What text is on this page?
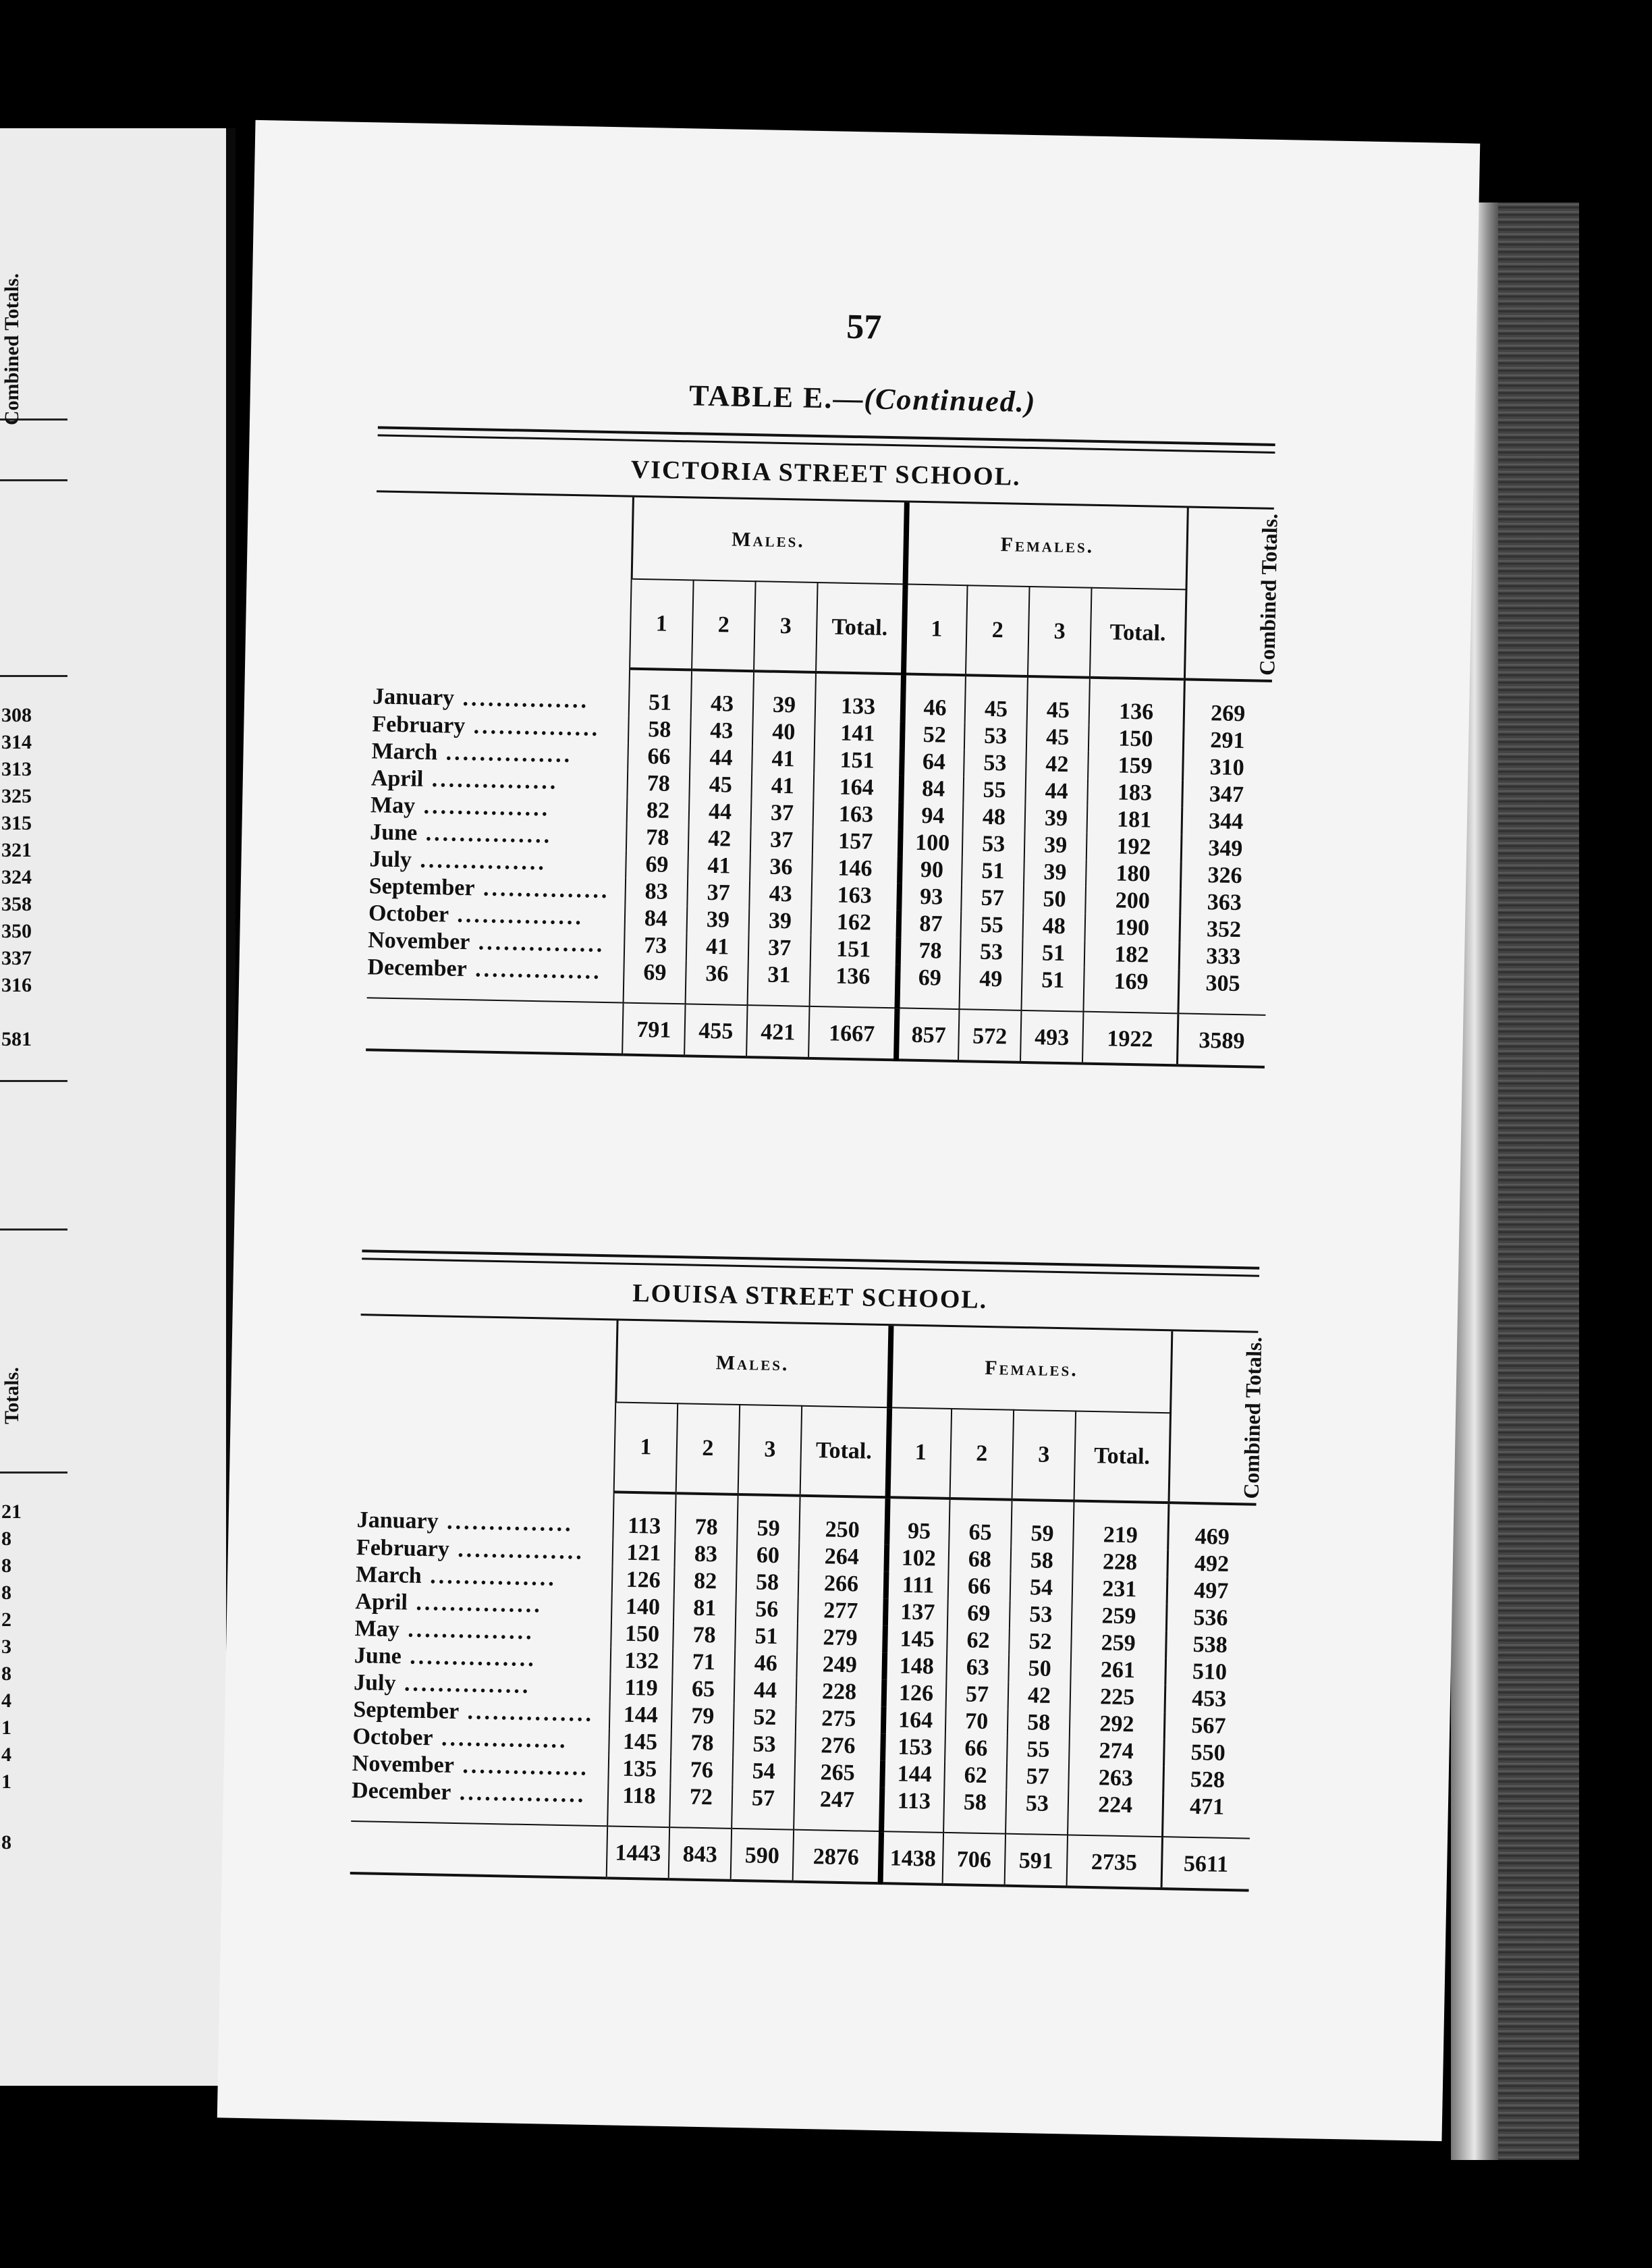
Combined Totals.
308
314
313
325
315
321
324
358
350
337
316
581
Totals.
21
8
8
8
2
3
8
4
1
4
1
8
57
TABLE E.—(Continued.)
VICTORIA STREET SCHOOL.
	Males.				Females.				Combined Totals.
	1	2	3	Total.	1	2	3	Total.	
January ...............	51	43	39	133	46	45	45	136	269
February ...............	58	43	40	141	52	53	45	150	291
March ...............	66	44	41	151	64	53	42	159	310
April ...............	78	45	41	164	84	55	44	183	347
May ...............	82	44	37	163	94	48	39	181	344
June ...............	78	42	37	157	100	53	39	192	349
July ...............	69	41	36	146	90	51	39	180	326
September ...............	83	37	43	163	93	57	50	200	363
October ...............	84	39	39	162	87	55	48	190	352
November ...............	73	41	37	151	78	53	51	182	333
December ...............	69	36	31	136	69	49	51	169	305
	791	455	421	1667	857	572	493	1922	3589
LOUISA STREET SCHOOL.
	Males.				Females.				Combined Totals.
	1	2	3	Total.	1	2	3	Total.	
January ...............	113	78	59	250	95	65	59	219	469
February ...............	121	83	60	264	102	68	58	228	492
March ...............	126	82	58	266	111	66	54	231	497
April ...............	140	81	56	277	137	69	53	259	536
May ...............	150	78	51	279	145	62	52	259	538
June ...............	132	71	46	249	148	63	50	261	510
July ...............	119	65	44	228	126	57	42	225	453
September ...............	144	79	52	275	164	70	58	292	567
October ...............	145	78	53	276	153	66	55	274	550
November ...............	135	76	54	265	144	62	57	263	528
December ...............	118	72	57	247	113	58	53	224	471
	1443	843	590	2876	1438	706	591	2735	5611
